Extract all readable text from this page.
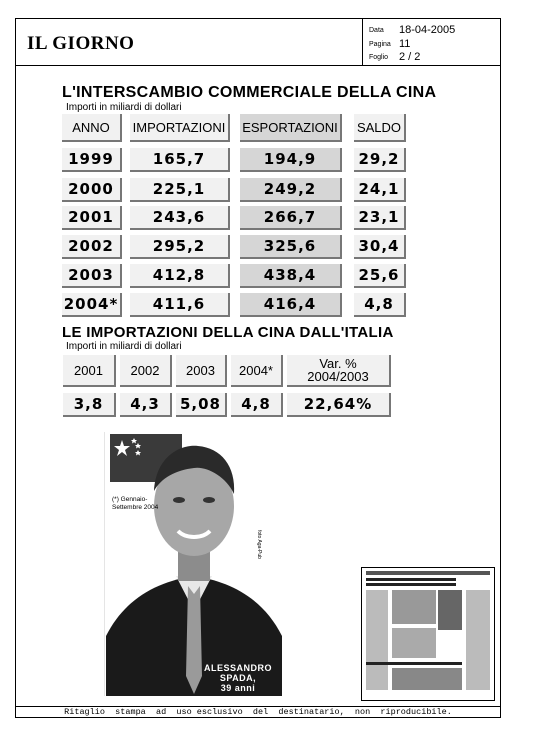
IL GIORNO
Data 18-04-2005
Pagina 11
Foglio 2 / 2
L'INTERSCAMBIO COMMERCIALE DELLA CINA
Importi in miliardi di dollari
ANNO	IMPORTAZIONI	ESPORTAZIONI	SALDO
1999	165,7	194,9	29,2
2000	225,1	249,2	24,1
2001	243,6	266,7	23,1
2002	295,2	325,6	30,4
2003	412,8	438,4	25,6
2004*	411,6	416,4	4,8
LE IMPORTAZIONI DELLA CINA DALL'ITALIA
Importi in miliardi di dollari
2001	2002	2003	2004*	Var. %
2004/2003
3,8	4,3	5,08	4,8	22,64%
(*) Gennaio-Settembre 2004
foto Aga-Pub
ALESSANDRO SPADA,
39 anni
Ritaglio  stampa  ad  uso esclusivo  del  destinatario,  non  riproducibile.
